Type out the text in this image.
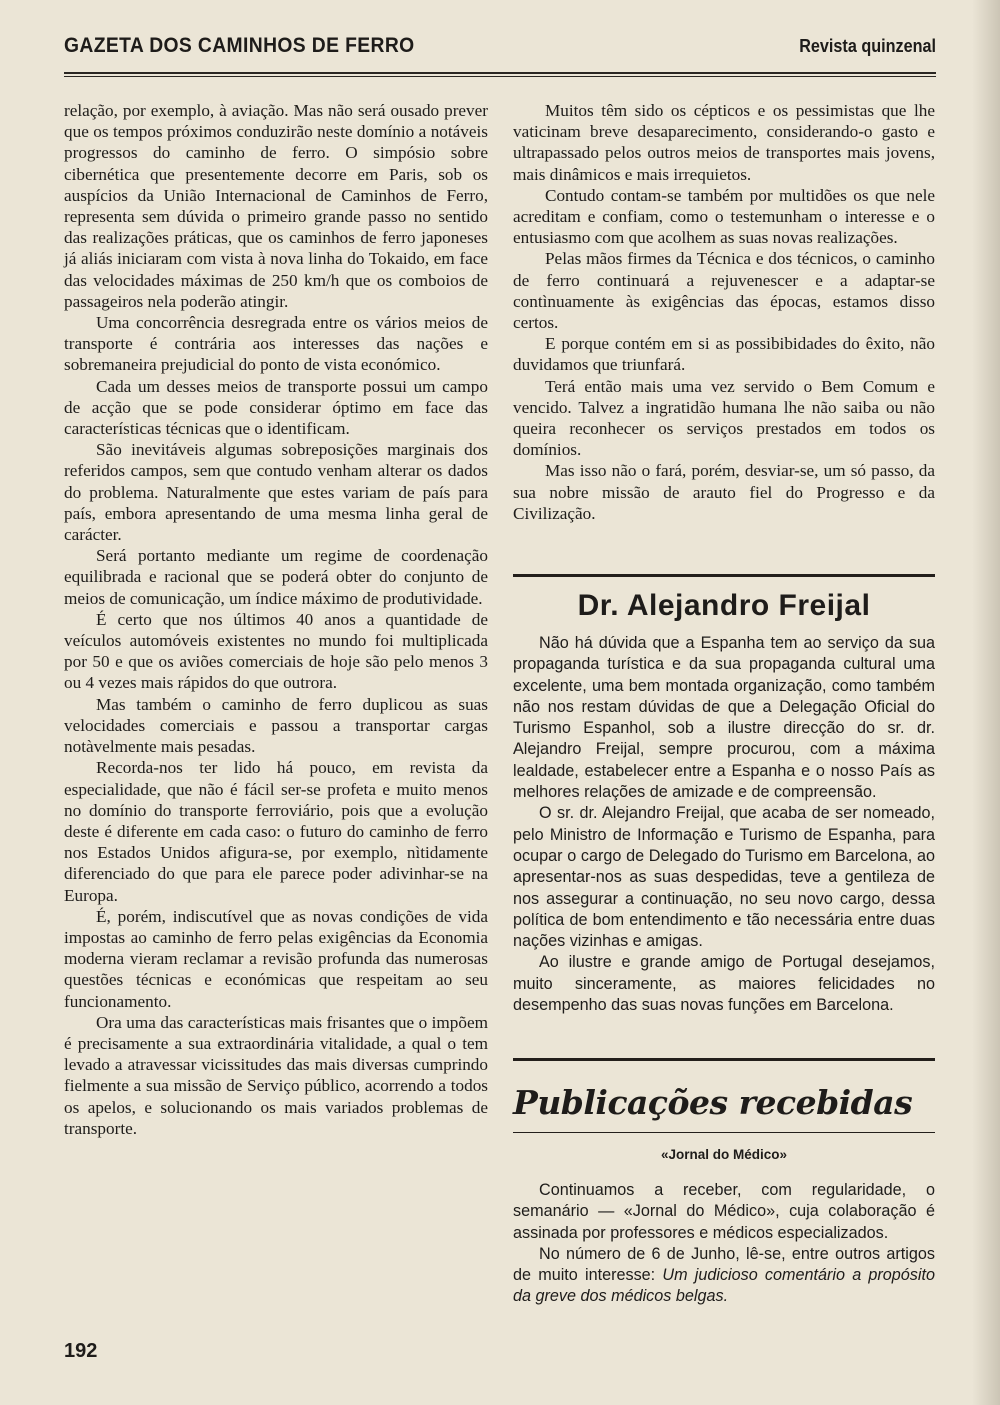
GAZETA DOS CAMINHOS DE FERRO	Revista quinzenal

relação, por exemplo, à aviação. Mas não será ousado prever que os tempos próximos conduzirão neste domínio a notáveis progressos do caminho de ferro. O simpósio sobre cibernética que presentemente decorre em Paris, sob os auspícios da União Internacional de Caminhos de Ferro, representa sem dúvida o primeiro grande passo no sentido das realizações práticas, que os caminhos de ferro japoneses já aliás iniciaram com vista à nova linha do Tokaido, em face das velocidades máximas de 250 km/h que os comboios de passageiros nela poderão atingir.

Uma concorrência desregrada entre os vários meios de transporte é contrária aos interesses das nações e sobremaneira prejudicial do ponto de vista económico.

Cada um desses meios de transporte possui um campo de acção que se pode considerar óptimo em face das características técnicas que o identificam.

São inevitáveis algumas sobreposições marginais dos referidos campos, sem que contudo venham alterar os dados do problema. Naturalmente que estes variam de país para país, embora apresentando de uma mesma linha geral de carácter.

Será portanto mediante um regime de coordenação equilibrada e racional que se poderá obter do conjunto de meios de comunicação, um índice máximo de produtividade.

É certo que nos últimos 40 anos a quantidade de veículos automóveis existentes no mundo foi multiplicada por 50 e que os aviões comerciais de hoje são pelo menos 3 ou 4 vezes mais rápidos do que outrora.

Mas também o caminho de ferro duplicou as suas velocidades comerciais e passou a transportar cargas notàvelmente mais pesadas.

Recorda-nos ter lido há pouco, em revista da especialidade, que não é fácil ser-se profeta e muito menos no domínio do transporte ferroviário, pois que a evolução deste é diferente em cada caso: o futuro do caminho de ferro nos Estados Unidos afigura-se, por exemplo, nìtidamente diferenciado do que para ele parece poder adivinhar-se na Europa.

É, porém, indiscutível que as novas condições de vida impostas ao caminho de ferro pelas exigências da Economia moderna vieram reclamar a revisão profunda das numerosas questões técnicas e económicas que respeitam ao seu funcionamento.

Ora uma das características mais frisantes que o impõem é precisamente a sua extraordinária vitalidade, a qual o tem levado a atravessar vicissitudes das mais diversas cumprindo fielmente a sua missão de Serviço público, acorrendo a todos os apelos, e solucionando os mais variados problemas de transporte.

Muitos têm sido os cépticos e os pessimistas que lhe vaticinam breve desaparecimento, considerando-o gasto e ultrapassado pelos outros meios de transportes mais jovens, mais dinâmicos e mais irrequietos.

Contudo contam-se também por multidões os que nele acreditam e confiam, como o testemunham o interesse e o entusiasmo com que acolhem as suas novas realizações.

Pelas mãos firmes da Técnica e dos técnicos, o caminho de ferro continuará a rejuvenescer e a adaptar-se contìnuamente às exigências das épocas, estamos disso certos.

E porque contém em si as possibibidades do êxito, não duvidamos que triunfará.

Terá então mais uma vez servido o Bem Comum e vencido. Talvez a ingratidão humana lhe não saiba ou não queira reconhecer os serviços prestados em todos os domínios.

Mas isso não o fará, porém, desviar-se, um só passo, da sua nobre missão de arauto fiel do Progresso e da Civilização.

Dr. Alejandro Freijal

Não há dúvida que a Espanha tem ao serviço da sua propaganda turística e da sua propaganda cultural uma excelente, uma bem montada organização, como também não nos restam dúvidas de que a Delegação Oficial do Turismo Espanhol, sob a ilustre direcção do sr. dr. Alejandro Freijal, sempre procurou, com a máxima lealdade, estabelecer entre a Espanha e o nosso País as melhores relações de amizade e de compreensão.

O sr. dr. Alejandro Freijal, que acaba de ser nomeado, pelo Ministro de Informação e Turismo de Espanha, para ocupar o cargo de Delegado do Turismo em Barcelona, ao apresentar-nos as suas despedidas, teve a gentileza de nos assegurar a continuação, no seu novo cargo, dessa política de bom entendimento e tão necessária entre duas nações vizinhas e amigas.

Ao ilustre e grande amigo de Portugal desejamos, muito sinceramente, as maiores felicidades no desempenho das suas novas funções em Barcelona.

Publicações recebidas
«Jornal do Médico»

Continuamos a receber, com regularidade, o semanário — «Jornal do Médico», cuja colaboração é assinada por professores e médicos especializados.

No número de 6 de Junho, lê-se, entre outros artigos de muito interesse: Um judicioso comentário a propósito da greve dos médicos belgas.

192
